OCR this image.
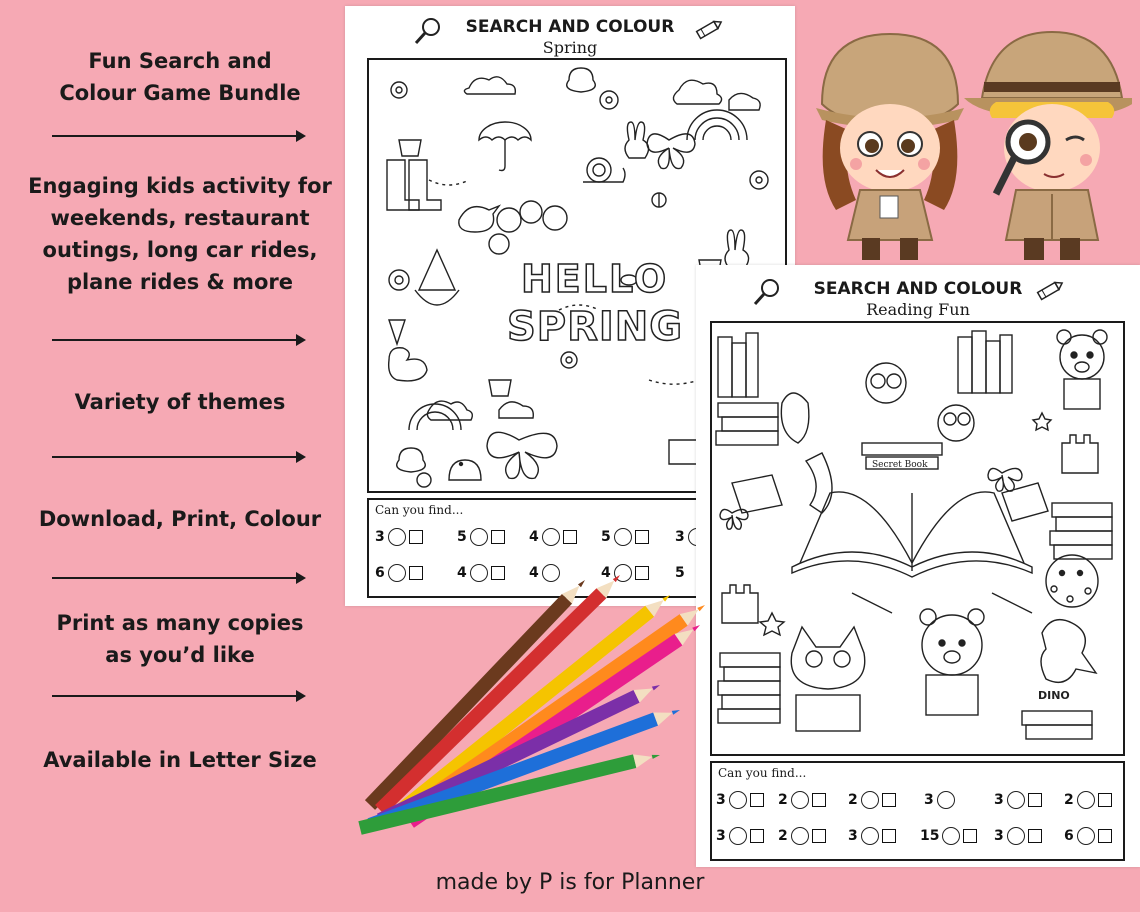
Fun Search and
Colour Game Bundle
Engaging kids activity for
weekends, restaurant
outings, long car rides,
plane rides & more
Variety of themes
Download, Print, Colour
Print as many copies
as you’d like
Available in Letter Size
SEARCH AND COLOUR
Spring
HELLO
SPRING
Can you find...
3	5	4	5	3
6	4	4	4	5
SEARCH AND COLOUR
Reading Fun
Secret Book
DINO
Can you find...
3	2	2	3	3	2
3	2	3	15	3	6
made by P is for Planner
